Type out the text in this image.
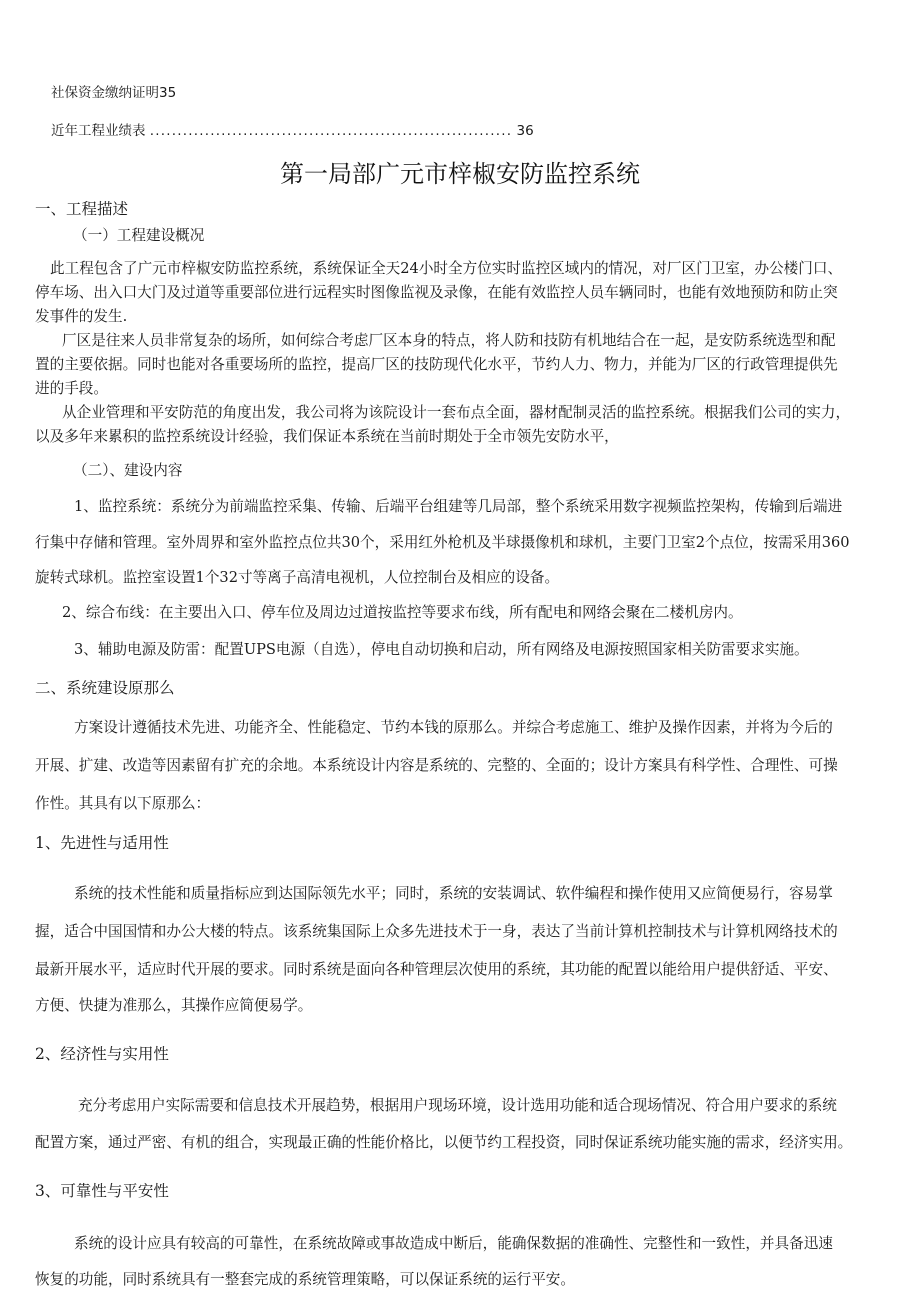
社保资金缴纳证明35
近年工程业绩表 .................................................................. 36
第一局部广元市梓椒安防监控系统
一、工程描述
（一）工程建设概况
此工程包含了广元市梓椒安防监控系统，系统保证全天24小时全方位实时监控区域内的情况，对厂区门卫室，办公楼门口、
停车场、出入口大门及过道等重要部位进行远程实时图像监视及录像，在能有效监控人员车辆同时，也能有效地预防和防止突
发事件的发生.
厂区是往来人员非常复杂的场所，如何综合考虑厂区本身的特点，将人防和技防有机地结合在一起，是安防系统选型和配
置的主要依据。同时也能对各重要场所的监控，提高厂区的技防现代化水平，节约人力、物力，并能为厂区的行政管理提供先
进的手段。
从企业管理和平安防范的角度出发，我公司将为该院设计一套布点全面，器材配制灵活的监控系统。根据我们公司的实力，
以及多年来累积的监控系统设计经验，我们保证本系统在当前时期处于全市领先安防水平，
（二）、建设内容
1、监控系统：系统分为前端监控采集、传输、后端平台组建等几局部，整个系统采用数字视频监控架构，传输到后端进
行集中存储和管理。室外周界和室外监控点位共30个，采用红外枪机及半球摄像机和球机，主要门卫室2个点位，按需采用360
旋转式球机。监控室设置1个32寸等离子高清电视机，人位控制台及相应的设备。
2、综合布线：在主要出入口、停车位及周边过道按监控等要求布线，所有配电和网络会聚在二楼机房内。
3、辅助电源及防雷：配置UPS电源（自选），停电自动切换和启动，所有网络及电源按照国家相关防雷要求实施。
二、系统建设原那么
方案设计遵循技术先进、功能齐全、性能稳定、节约本钱的原那么。并综合考虑施工、维护及操作因素，并将为今后的
开展、扩建、改造等因素留有扩充的余地。本系统设计内容是系统的、完整的、全面的；设计方案具有科学性、合理性、可操
作性。其具有以下原那么：
1、先进性与适用性
系统的技术性能和质量指标应到达国际领先水平；同时，系统的安装调试、软件编程和操作使用又应简便易行，容易掌
握，适合中国国情和办公大楼的特点。该系统集国际上众多先进技术于一身，表达了当前计算机控制技术与计算机网络技术的
最新开展水平，适应时代开展的要求。同时系统是面向各种管理层次使用的系统，其功能的配置以能给用户提供舒适、平安、
方便、快捷为准那么，其操作应简便易学。
2、经济性与实用性
充分考虑用户实际需要和信息技术开展趋势，根据用户现场环境，设计选用功能和适合现场情况、符合用户要求的系统
配置方案，通过严密、有机的组合，实现最正确的性能价格比，以便节约工程投资，同时保证系统功能实施的需求，经济实用。
3、可靠性与平安性
系统的设计应具有较高的可靠性，在系统故障或事故造成中断后，能确保数据的准确性、完整性和一致性，并具备迅速
恢复的功能，同时系统具有一整套完成的系统管理策略，可以保证系统的运行平安。
